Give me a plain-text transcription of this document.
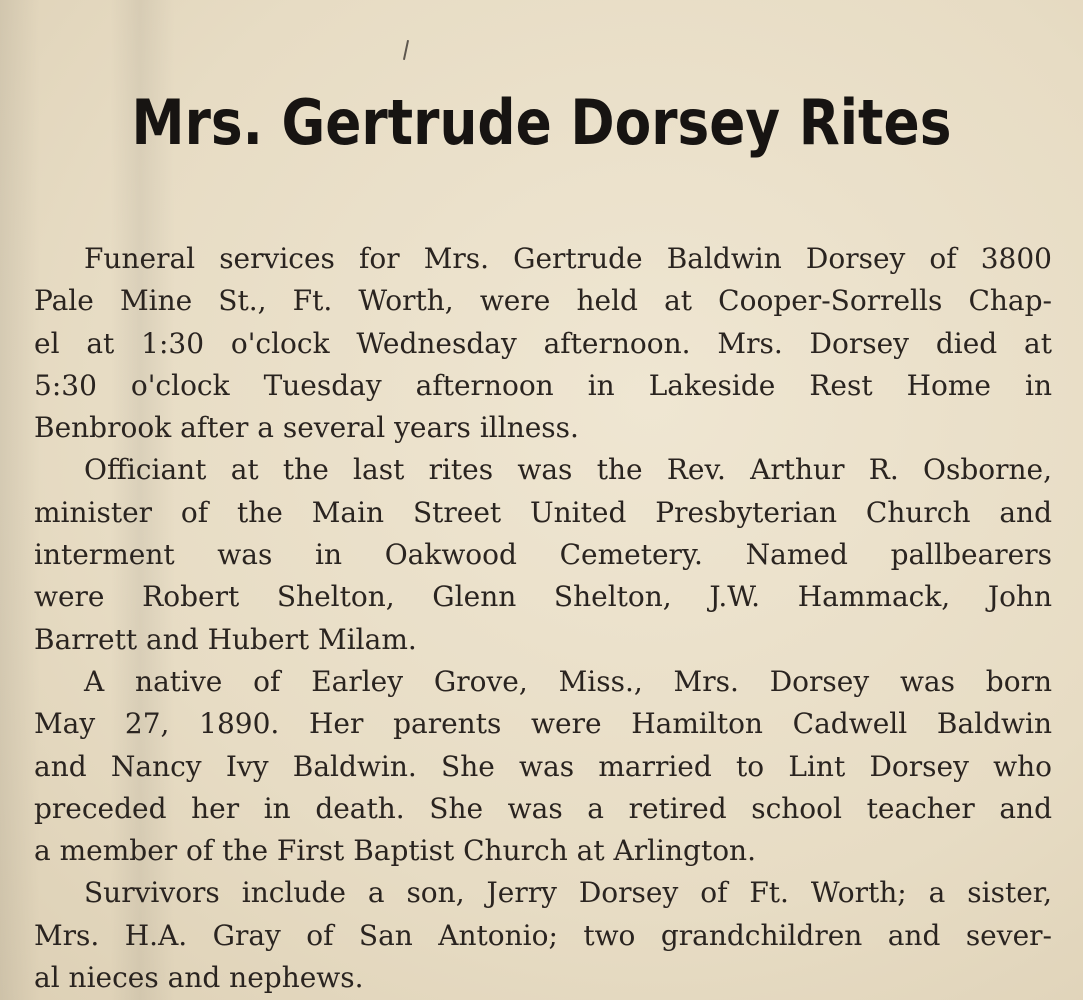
Mrs. Gertrude Dorsey Rites
Funeral services for Mrs. Gertrude Baldwin Dorsey of 3800
Pale Mine St., Ft. Worth, were held at Cooper-Sorrells Chap-
el at 1:30 o'clock Wednesday afternoon. Mrs. Dorsey died at
5:30 o'clock Tuesday afternoon in Lakeside Rest Home in
Benbrook after a several years illness.
Officiant at the last rites was the Rev. Arthur R. Osborne,
minister of the Main Street United Presbyterian Church and
interment was in Oakwood Cemetery. Named pallbearers
were Robert Shelton, Glenn Shelton, J.W. Hammack, John
Barrett and Hubert Milam.
A native of Earley Grove, Miss., Mrs. Dorsey was born
May 27, 1890. Her parents were Hamilton Cadwell Baldwin
and Nancy Ivy Baldwin. She was married to Lint Dorsey who
preceded her in death. She was a retired school teacher and
a member of the First Baptist Church at Arlington.
Survivors include a son, Jerry Dorsey of Ft. Worth; a sister,
Mrs. H.A. Gray of San Antonio; two grandchildren and sever-
al nieces and nephews.
